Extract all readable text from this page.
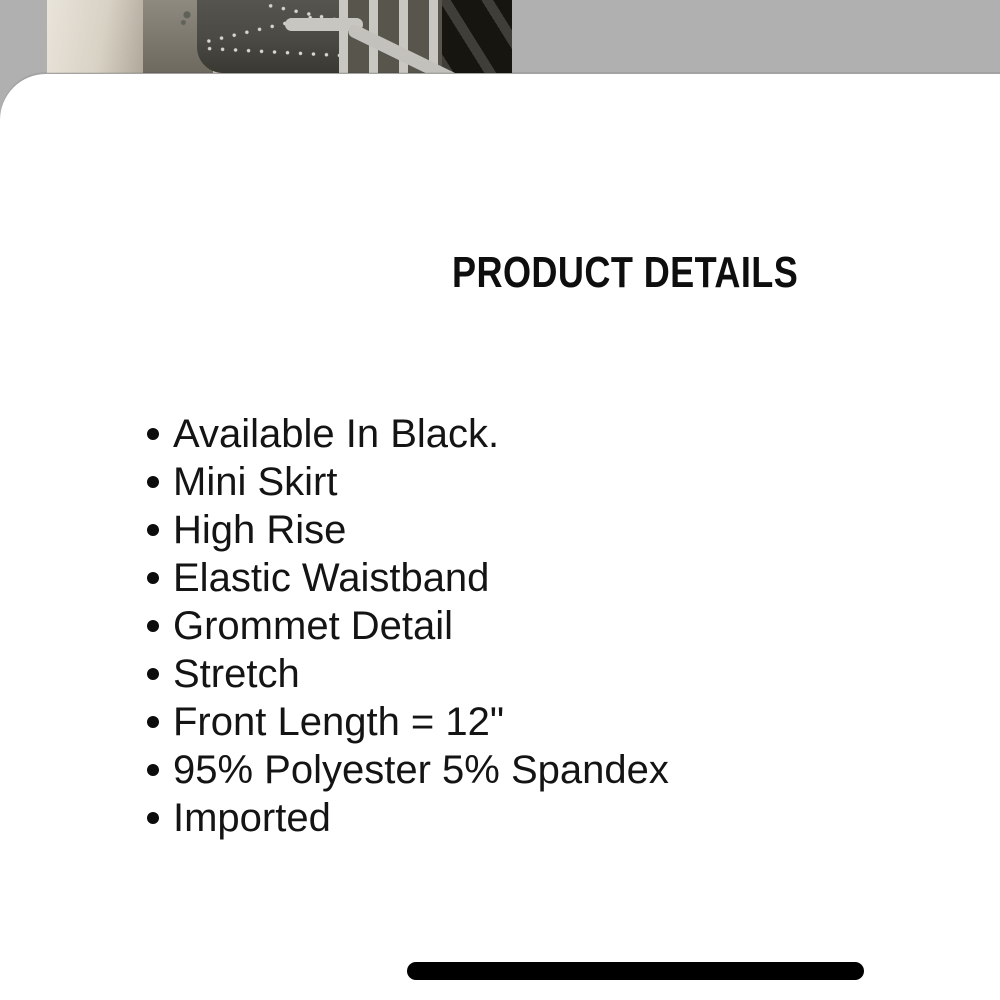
PRODUCT DETAILS
Available In Black.
Mini Skirt
High Rise
Elastic Waistband
Grommet Detail
Stretch
Front Length = 12"
95% Polyester 5% Spandex
Imported
